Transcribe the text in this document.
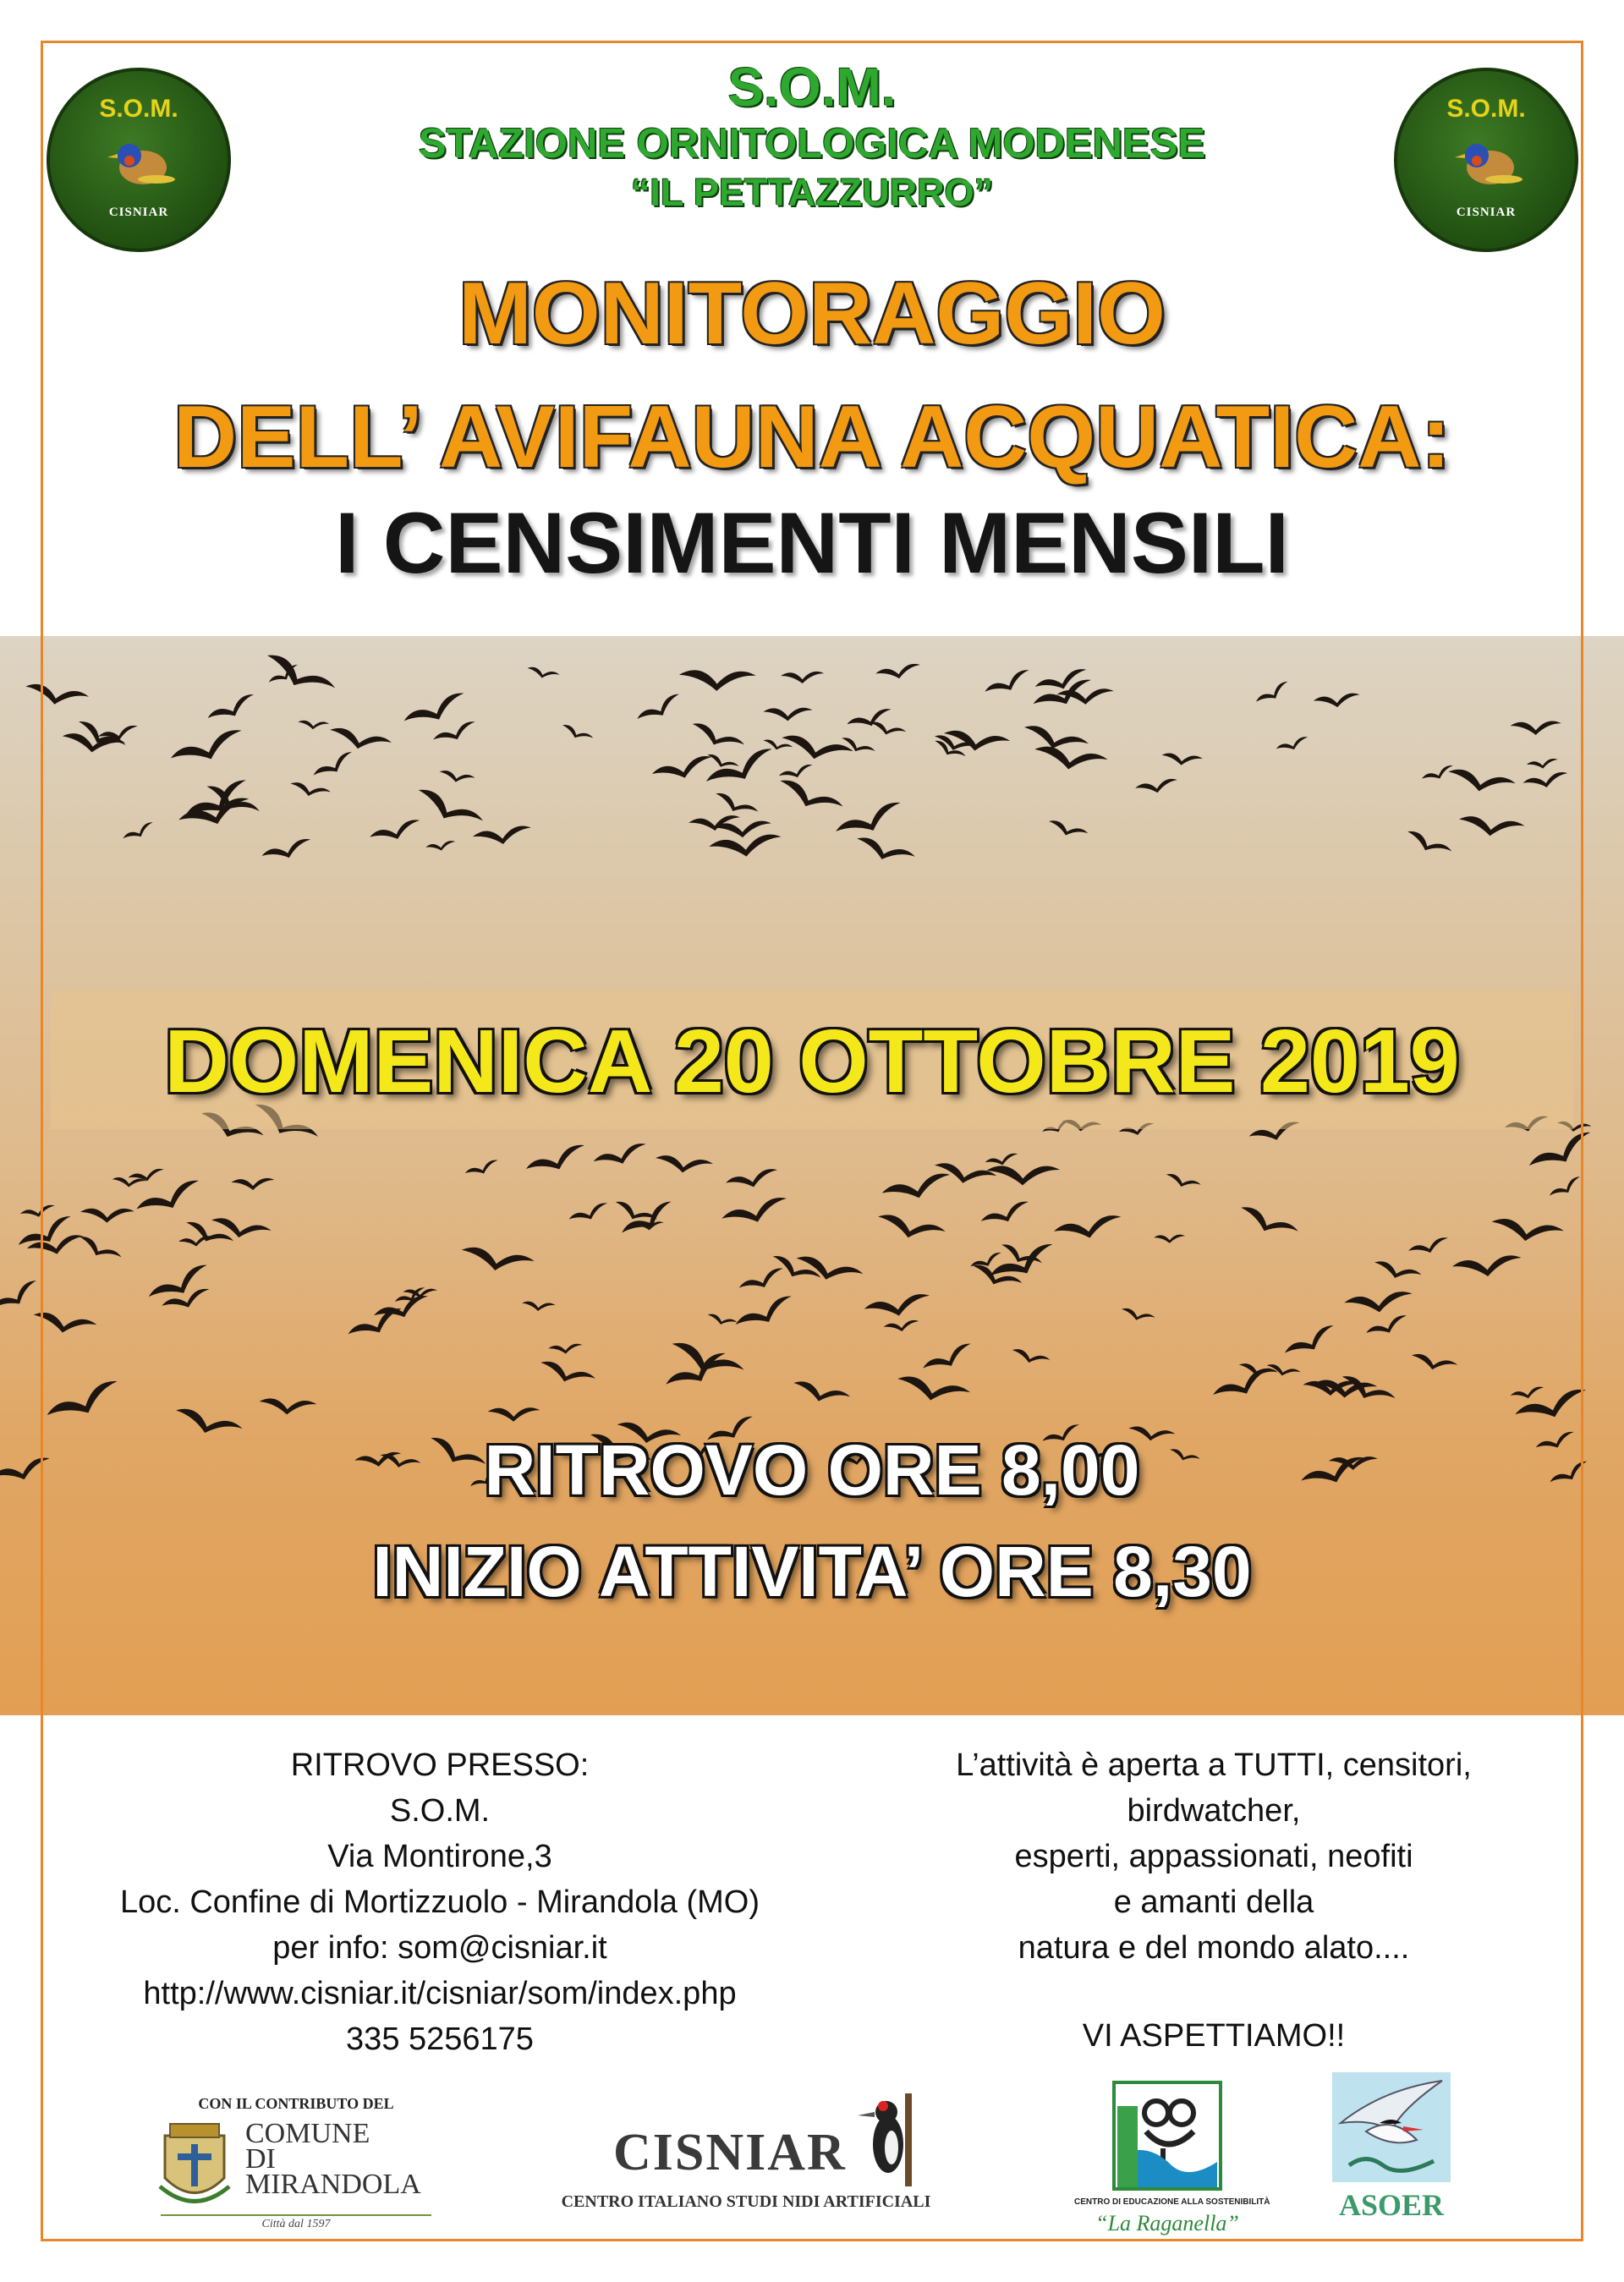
S.O.M.
CISNIAR
S.O.M.
CISNIAR
S.O.M.
STAZIONE ORNITOLOGICA MODENESE
“IL PETTAZZURRO”
MONITORAGGIO
DELL’ AVIFAUNA ACQUATICA:
I CENSIMENTI MENSILI
DOMENICA 20 OTTOBRE 2019
RITROVO ORE 8,00
INIZIO ATTIVITA’ ORE 8,30
RITROVO PRESSO:
S.O.M.
Via Montirone,3
Loc. Confine di Mortizzuolo - Mirandola (MO)
per info: som@cisniar.it
http://www.cisniar.it/cisniar/som/index.php
335 5256175
L’attività è aperta a TUTTI, censitori,
birdwatcher,
esperti, appassionati, neofiti
e amanti della
natura e del mondo alato....
VI ASPETTIAMO!!
CON IL CONTRIBUTO DEL
COMUNE
DI
MIRANDOLA
Città dal 1597
CISNIAR
CENTRO ITALIANO STUDI NIDI ARTIFICIALI	CENTRO DI EDUCAZIONE ALLA SOSTENIBILITÀ
“La Raganella”
ASOER
